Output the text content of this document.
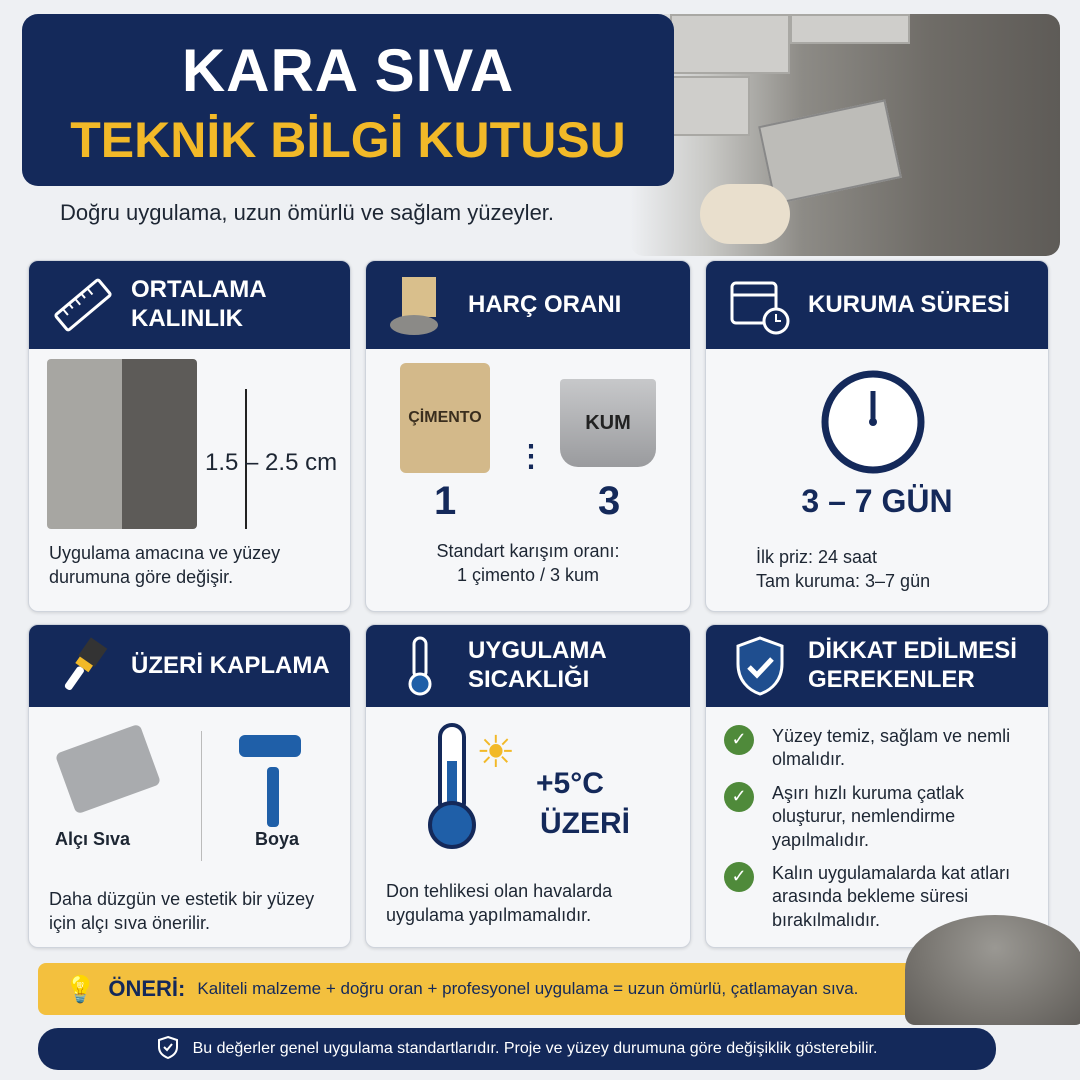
KARA SIVA
TEKNİK BİLGİ KUTUSU
Doğru uygulama, uzun ömürlü ve sağlam yüzeyler.
ORTALAMA
KALINLIK
1.5 – 2.5 cm
Uygulama amacına ve yüzey
durumuna göre değişir.
HARÇ ORANI
ÇİMENTO
⋮
KUM
1	3
Standart karışım oranı:
1 çimento / 3 kum
KURUMA SÜRESİ
3 – 7 GÜN
İlk priz: 24 saat
Tam kuruma: 3–7 gün
ÜZERİ KAPLAMA
Alçı Sıva	Boya
Daha düzgün ve estetik bir yüzey
için alçı sıva önerilir.
UYGULAMA
SICAKLIĞI
☀
+5°C
ÜZERİ
Don tehlikesi olan havalarda
uygulama yapılmamalıdır.
DİKKAT EDİLMESİ
GEREKENLER
✓	Yüzey temiz, sağlam ve nemli olmalıdır.
✓	Aşırı hızlı kuruma çatlak oluşturur, nemlendirme yapılmalıdır.
✓	Kalın uygulamalarda kat atları arasında bekleme süresi bırakılmalıdır.
💡 ÖNERİ: Kaliteli malzeme + doğru oran + profesyonel uygulama = uzun ömürlü, çatlamayan sıva.
Bu değerler genel uygulama standartlarıdır. Proje ve yüzey durumuna göre değişiklik gösterebilir.
